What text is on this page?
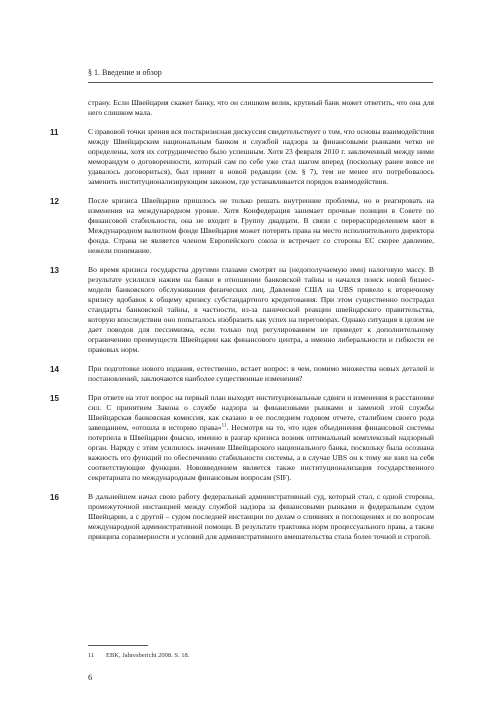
§ 1. Введение и обзор
страну. Если Швейцария скажет банку, что он слишком велик, крупный банк может ответить, что она для него слишком мала.
11	С правовой точки зрения вся посткризисная дискуссия свидетельствует о том, что основы взаимодействия между Швейцарским национальным банком и службой надзора за финансовыми рынками четко не определены, хотя их сотрудничество было успешным. Хотя 23 февраля 2010 г. заключенный между ними меморандум о договоренности, который сам по себе уже стал шагом вперед (поскольку ранее вовсе не удавалось договориться), был принят в новой редакции (см. § 7), тем не менее его потребовалось заменить институционализирующим законом, где устанавливается порядок взаимодействия.
12	После кризиса Швейцарии пришлось не только решать внутренние проблемы, но и реагировать на изменения на международном уровне. Хотя Конфедерация занимает прочные позиции в Совете по финансовой стабильности, она не входит в Группу двадцати. В связи с перераспределением квот в Международном валютном фонде Швейцария может потерять права на место исполнительного директора фонда. Страна не является членом Европейского союза и встречает со стороны ЕС скорее давление, нежели понимание.
13	Во время кризиса государства другими глазами смотрят на (недополучаемую ими) налоговую массу. В результате усилился нажим на банки в отношении банковской тайны и начался поиск новой бизнес-модели банковского обслуживания физических лиц. Давление США на UBS привело к вторичному кризису вдобавок к общему кризису субстандартного кредитования. При этом существенно пострадал стандарты банковской тайны, в частности, из-за панической реакции швейцарского правительства, которую впоследствии оно попыталось изобразить как успех на переговорах. Однако ситуация в целом не дает поводов для пессимизма, если только под регулированием не приведет к дополнительному ограничению преимуществ Швейцарии как финансового центра, а именно либеральности и гибкости ее правовых норм.
14	При подготовке нового издания, естественно, встает вопрос: в чем, помимо множества новых деталей и постановлений, заключаются наиболее существенные изменения?
15	При ответе на этот вопрос на первый план выходят институциональные сдвиги и изменения в расстановке сил. С принятием Закона о службе надзора за финансовыми рынками и заменой этой службы Швейцарская банковская комиссия, как сказано в ее последнем годовом отчете, сталибнем своего рода завещанием, «отошла в историю права»$^{11}$. Несмотря на то, что идея объединения финансовой системы потерпела в Швейцарии фиаско, именно в разгар кризиса возник оптимальный комплексный надзорный орган. Наряду с этим усилилось значение Швейцарского национального банка, поскольку была осознана важность его функций по обеспечению стабильности системы, а в случае UBS он к тому же взял на себя соответствующие функции. Нововведением является также институционализация государственного секретариата по международным финансовым вопросам (SIF).
16	В дальнейшем начал свою работу федеральный административный суд, который стал, с одной стороны, промежуточной инстанцией между службой надзора за финансовыми рынками и федеральным судом Швейцарии, а с другой – судом последней инстанции по делам о слияниях и поглощениях и по вопросам международной административной помощи. В результате трактовка норм процессуального права, а также принципа соразмерности и условий для административного вмешательства стала более точной и строгой.
11 EBK, Jahresbericht 2008. S. 18.
6
